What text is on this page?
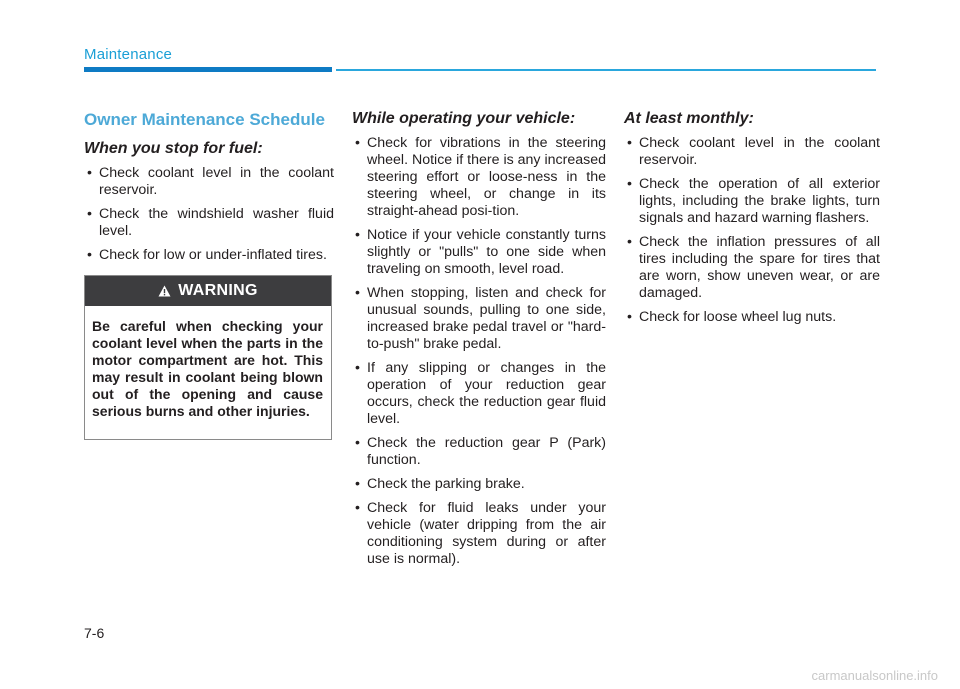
Maintenance
Owner Maintenance Schedule
When you stop for fuel:
• Check coolant level in the coolant reservoir.
• Check the windshield washer fluid level.
• Check for low or under-inflated tires.
WARNING
Be careful when checking your coolant level when the parts in the motor compartment are hot. This may result in coolant being blown out of the opening and cause serious burns and other injuries.
While operating your vehicle:
• Check for vibrations in the steering wheel. Notice if there is any increased steering effort or loose-ness in the steering wheel, or change in its straight-ahead posi-tion.
• Notice if your vehicle constantly turns slightly or "pulls" to one side when traveling on smooth, level road.
• When stopping, listen and check for unusual sounds, pulling to one side, increased brake pedal travel or "hard-to-push" brake pedal.
• If any slipping or changes in the operation of your reduction gear occurs, check the reduction gear fluid level.
• Check the reduction gear P (Park) function.
• Check the parking brake.
• Check for fluid leaks under your vehicle (water dripping from the air conditioning system during or after use is normal).
At least monthly:
• Check coolant level in the coolant reservoir.
• Check the operation of all exterior lights, including the brake lights, turn signals and hazard warning flashers.
• Check the inflation pressures of all tires including the spare for tires that are worn, show uneven wear, or are damaged.
• Check for loose wheel lug nuts.
7-6
carmanualsonline.info
